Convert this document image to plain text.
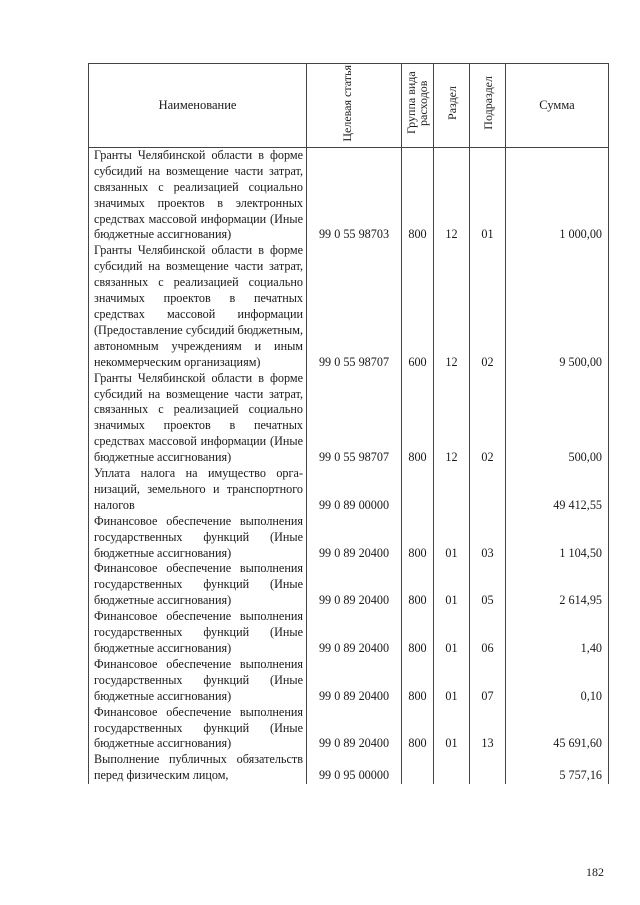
Наименование	Целевая статья	Группа вида расходов	Раздел	Подраздел	Сумма
Гранты Челябинской области в форме субсидий на возмещение части затрат, связанных с реализацией социально значимых проектов в электронных средствах массовой информации (Иные бюджетные ассигнования)	99 0 55 98703	800	12	01	1 000,00
Гранты Челябинской области в форме субсидий на возмещение части затрат, связанных с реализацией социально значимых проектов в печатных средствах массовой информации (Предоставление субсидий бюджетным, автономным учреждениям и иным некоммерческим организациям)	99 0 55 98707	600	12	02	9 500,00
Гранты Челябинской области в форме субсидий на возмещение части затрат, связанных с реализацией социально значимых проектов в печатных средствах массовой информации (Иные бюджетные ассигнования)	99 0 55 98707	800	12	02	500,00
Уплата налога на имущество организаций, земельного и транспортного налогов	99 0 89 00000				49 412,55
Финансовое обеспечение выполнения государственных функций (Иные бюджетные ассигнования)	99 0 89 20400	800	01	03	1 104,50
Финансовое обеспечение выполнения государственных функций (Иные бюджетные ассигнования)	99 0 89 20400	800	01	05	2 614,95
Финансовое обеспечение выполнения государственных функций (Иные бюджетные ассигнования)	99 0 89 20400	800	01	06	1,40
Финансовое обеспечение выполнения государственных функций (Иные бюджетные ассигнования)	99 0 89 20400	800	01	07	0,10
Финансовое обеспечение выполнения государственных функций (Иные бюджетные ассигнования)	99 0 89 20400	800	01	13	45 691,60
Выполнение публичных обязательств перед физическим лицом,	99 0 95 00000				5 757,16
182
